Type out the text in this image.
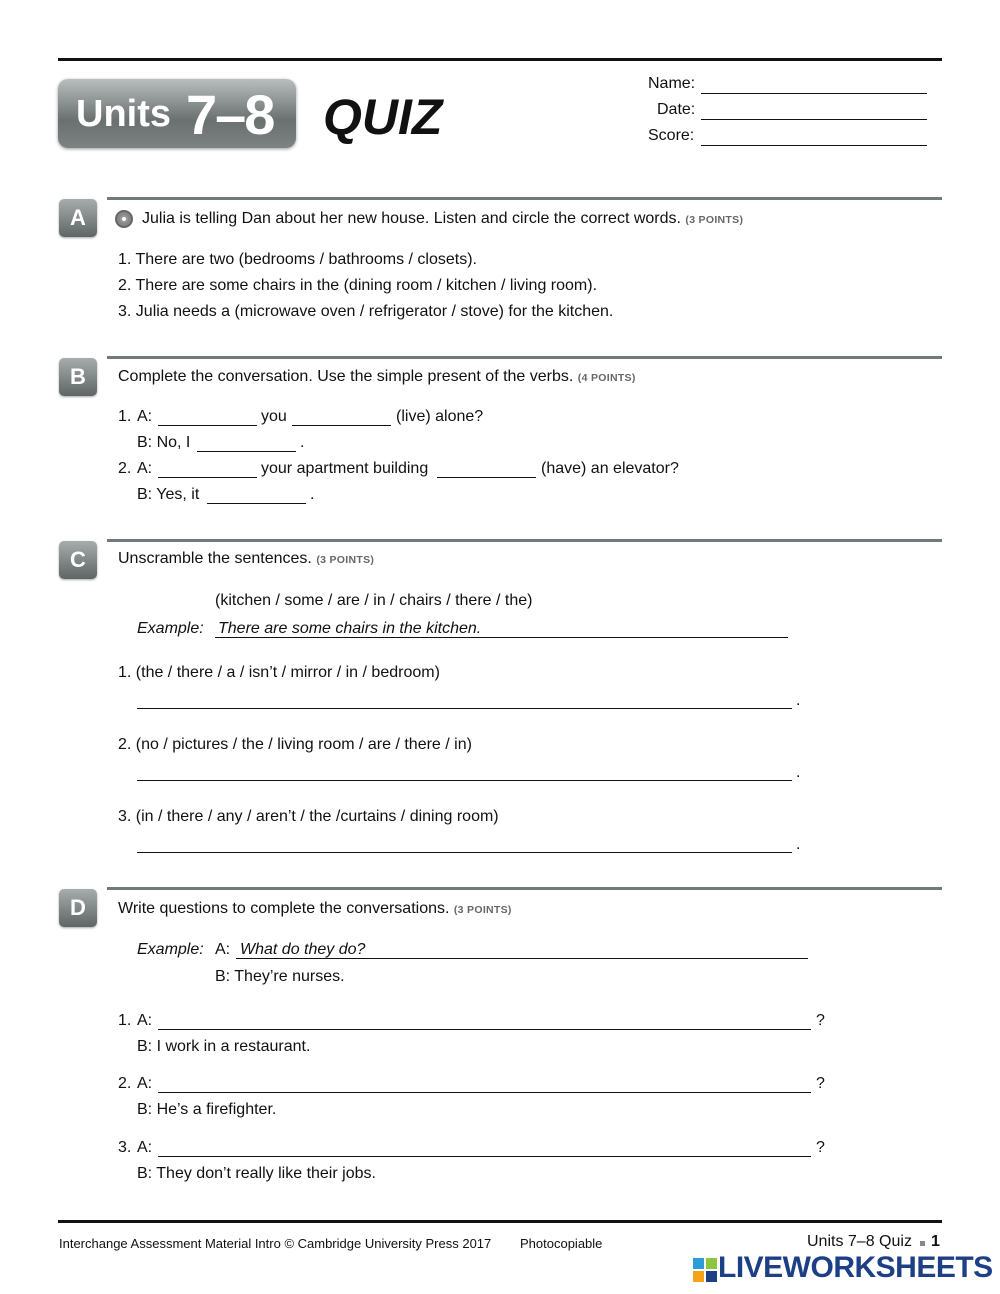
Units 7–8 QUIZ
Name:
Date:
Score:
A	Julia is telling Dan about her new house. Listen and circle the correct words. (3 POINTS)
1. There are two (bedrooms / bathrooms / closets).
2. There are some chairs in the (dining room / kitchen / living room).
3. Julia needs a (microwave oven / refrigerator / stove) for the kitchen.
B	Complete the conversation. Use the simple present of the verbs. (4 POINTS)
1. A:	you	(live) alone?
B: No, I	.
2. A:	your apartment building	(have) an elevator?
B: Yes, it	.
C	Unscramble the sentences. (3 POINTS)
(kitchen / some / are / in / chairs / there / the)
Example: There are some chairs in the kitchen.
1. (the / there / a / isn’t / mirror / in / bedroom)
.
2. (no / pictures / the / living room / are / there / in)
.
3. (in / there / any / aren’t / the /curtains / dining room)
.
D	Write questions to complete the conversations. (3 POINTS)
Example: A: What do they do?
B: They’re nurses.
1. A:	?
B: I work in a restaurant.
2. A:	?
B: He’s a firefighter.
3. A:	?
B: They don’t really like their jobs.
Interchange Assessment Material Intro © Cambridge University Press 2017 Photocopiable	Units 7–8 Quiz 1
LIVEWORKSHEETS
